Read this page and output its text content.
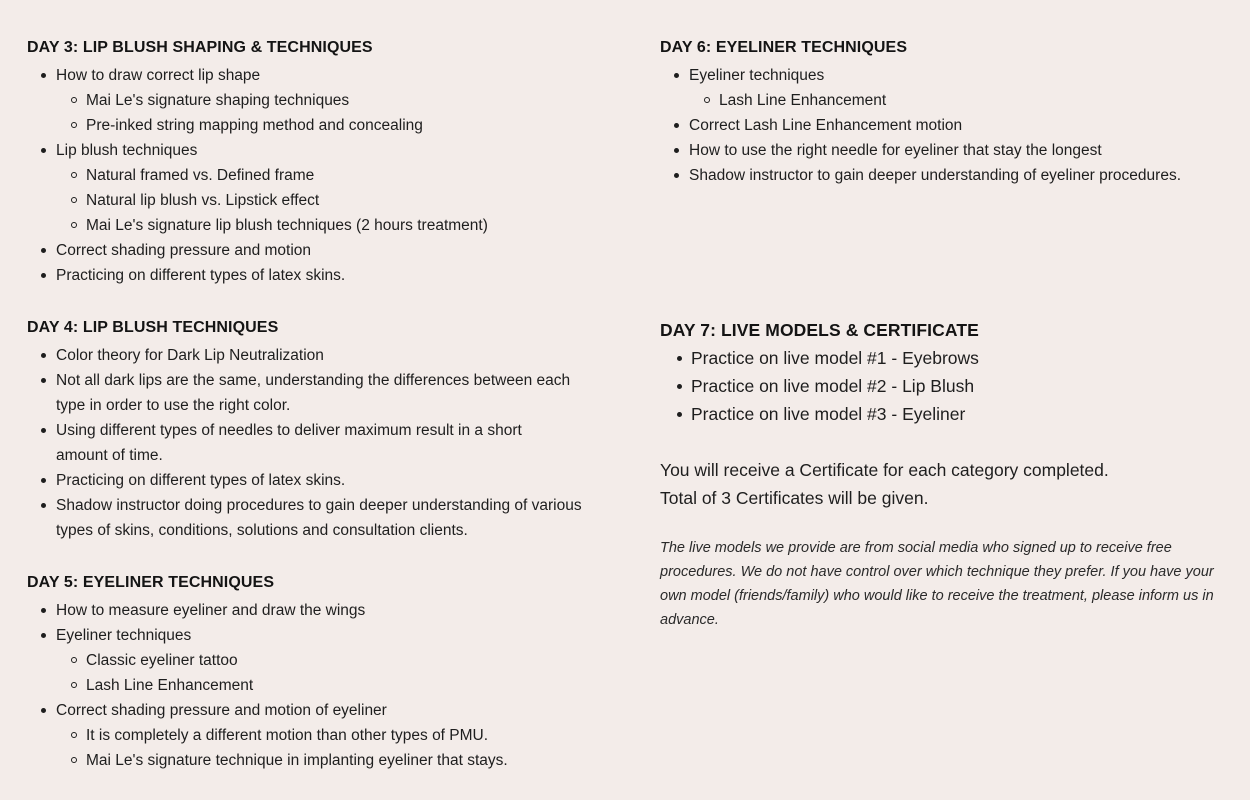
DAY 3: LIP BLUSH SHAPING & TECHNIQUES
How to draw correct lip shape
Mai Le's signature shaping techniques
Pre-inked string mapping method and concealing
Lip blush techniques
Natural framed vs. Defined frame
Natural lip blush vs. Lipstick effect
Mai Le's signature lip blush techniques (2 hours treatment)
Correct shading pressure and motion
Practicing on different types of latex skins.
DAY 4: LIP BLUSH TECHNIQUES
Color theory for Dark Lip Neutralization
Not all dark lips are the same, understanding the differences between each type in order to use the right color.
Using different types of needles to deliver maximum result in a short amount of time.
Practicing on different types of latex skins.
Shadow instructor doing procedures to gain deeper understanding of various types of skins, conditions, solutions and consultation clients.
DAY 5: EYELINER TECHNIQUES
How to measure eyeliner and draw the wings
Eyeliner techniques
Classic eyeliner tattoo
Lash Line Enhancement
Correct shading pressure and motion of eyeliner
It is completely a different motion than other types of PMU.
Mai Le's signature technique in implanting eyeliner that stays.
DAY 6: EYELINER TECHNIQUES
Eyeliner techniques
Lash Line Enhancement
Correct Lash Line Enhancement motion
How to use the right needle for eyeliner that stay the longest
Shadow instructor to gain deeper understanding of eyeliner procedures.
DAY 7: LIVE MODELS & CERTIFICATE
Practice on live model #1 - Eyebrows
Practice on live model #2 - Lip Blush
Practice on live model #3 - Eyeliner

You will receive a Certificate for each category completed.

Total of 3 Certificates will be given.

The live models we provide are from social media who signed up to receive free procedures. We do not have control over which technique they prefer. If you have your own model (friends/family) who would like to receive the treatment, please inform us in advance.
